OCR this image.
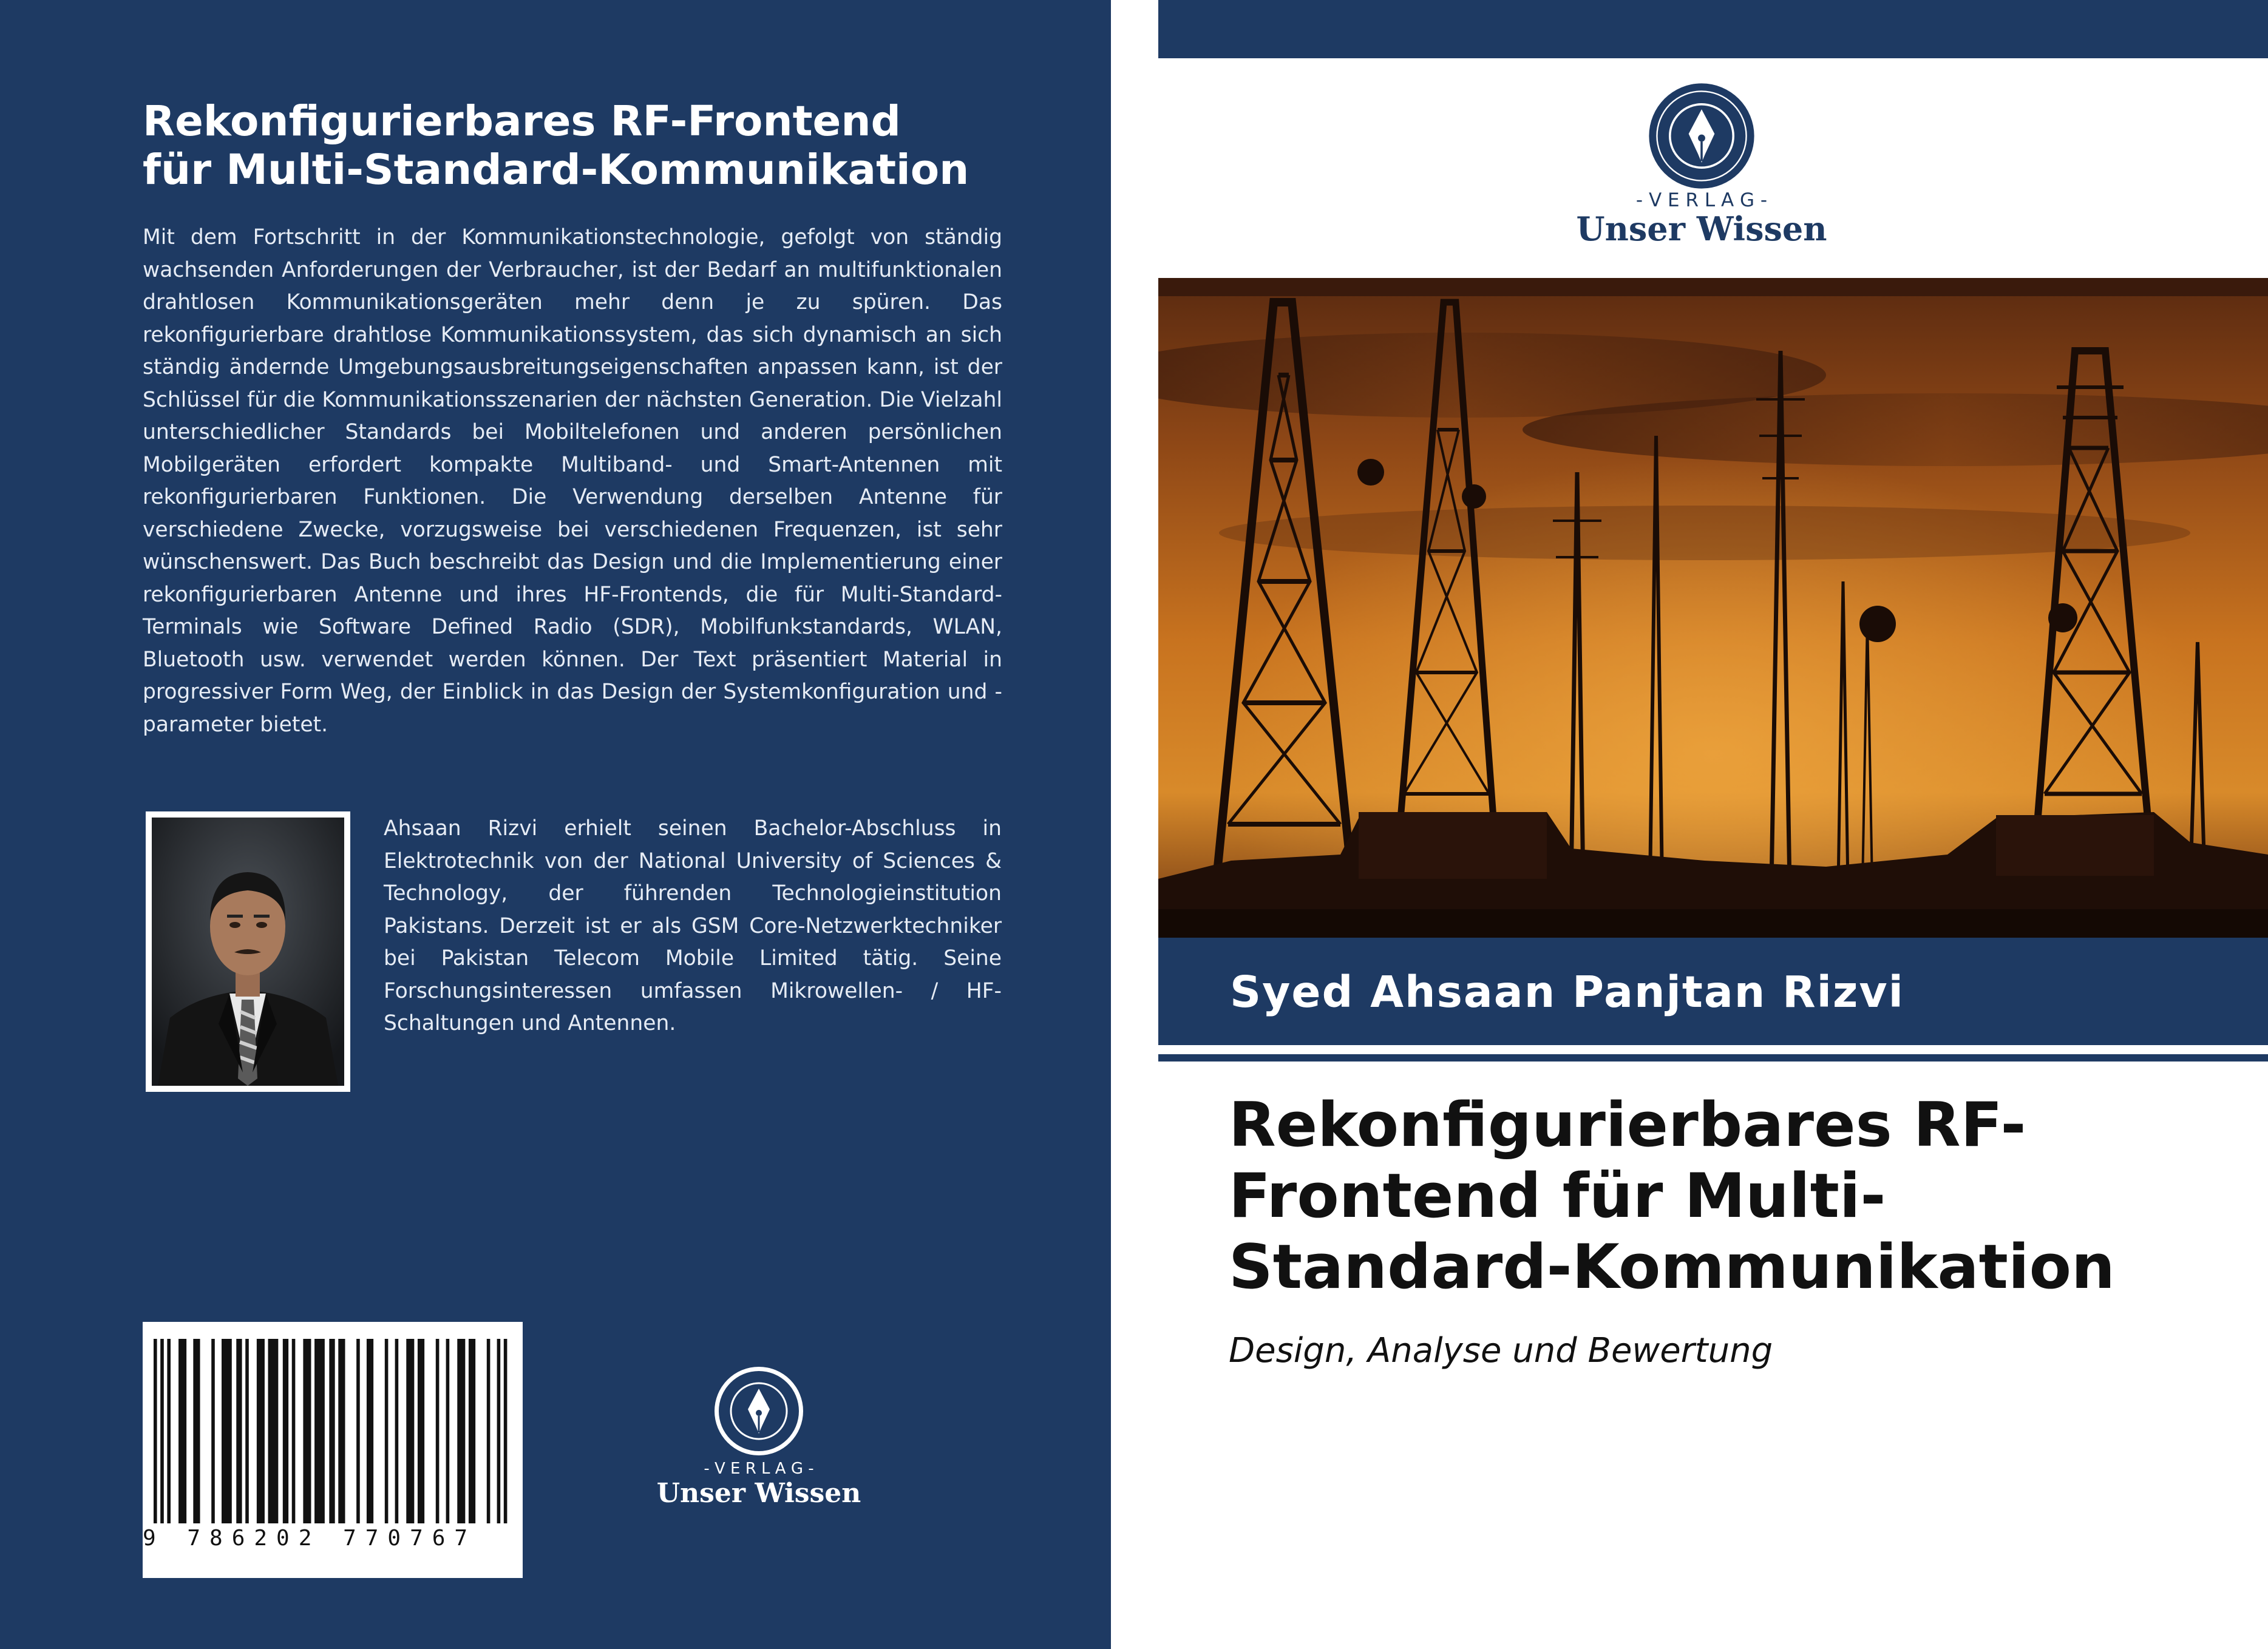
Rekonfigurierbares RF-Frontend
für Multi-Standard-Kommunikation
Mit dem Fortschritt in der Kommunikationstechnologie, gefolgt von ständig wachsenden Anforderungen der Verbraucher, ist der Bedarf an multifunktionalen drahtlosen Kommunikationsgeräten mehr denn je zu spüren. Das rekonfigurierbare drahtlose Kommunikationssystem, das sich dynamisch an sich ständig ändernde Umgebungsausbreitungseigenschaften anpassen kann, ist der Schlüssel für die Kommunikationsszenarien der nächsten Generation. Die Vielzahl unterschiedlicher Standards bei Mobiltelefonen und anderen persönlichen Mobilgeräten erfordert kompakte Multiband- und Smart-Antennen mit rekonfigurierbaren Funktionen. Die Verwendung derselben Antenne für verschiedene Zwecke, vorzugsweise bei verschiedenen Frequenzen, ist sehr wünschenswert. Das Buch beschreibt das Design und die Implementierung einer rekonfigurierbaren Antenne und ihres HF-Frontends, die für Multi-Standard-Terminals wie Software Defined Radio (SDR), Mobilfunkstandards, WLAN, Bluetooth usw. verwendet werden können. Der Text präsentiert Material in progressiver Form Weg, der Einblick in das Design der Systemkonfiguration und -parameter bietet.
Ahsaan Rizvi erhielt seinen Bachelor-Abschluss in Elektrotechnik von der National University of Sciences & Technology, der führenden Technologieinstitution Pakistans. Derzeit ist er als GSM Core-Netzwerktechniker bei Pakistan Telecom Mobile Limited tätig. Seine Forschungsinteressen umfassen Mikrowellen- / HF-Schaltungen und Antennen.
9 786202 770767
- V E R L A G -
Unser Wissen
- V E R L A G -
Unser Wissen
Syed Ahsaan Panjtan Rizvi
Rekonfigurierbares RF-
Frontend für Multi-
Standard-Kommunikation
Design, Analyse und Bewertung
